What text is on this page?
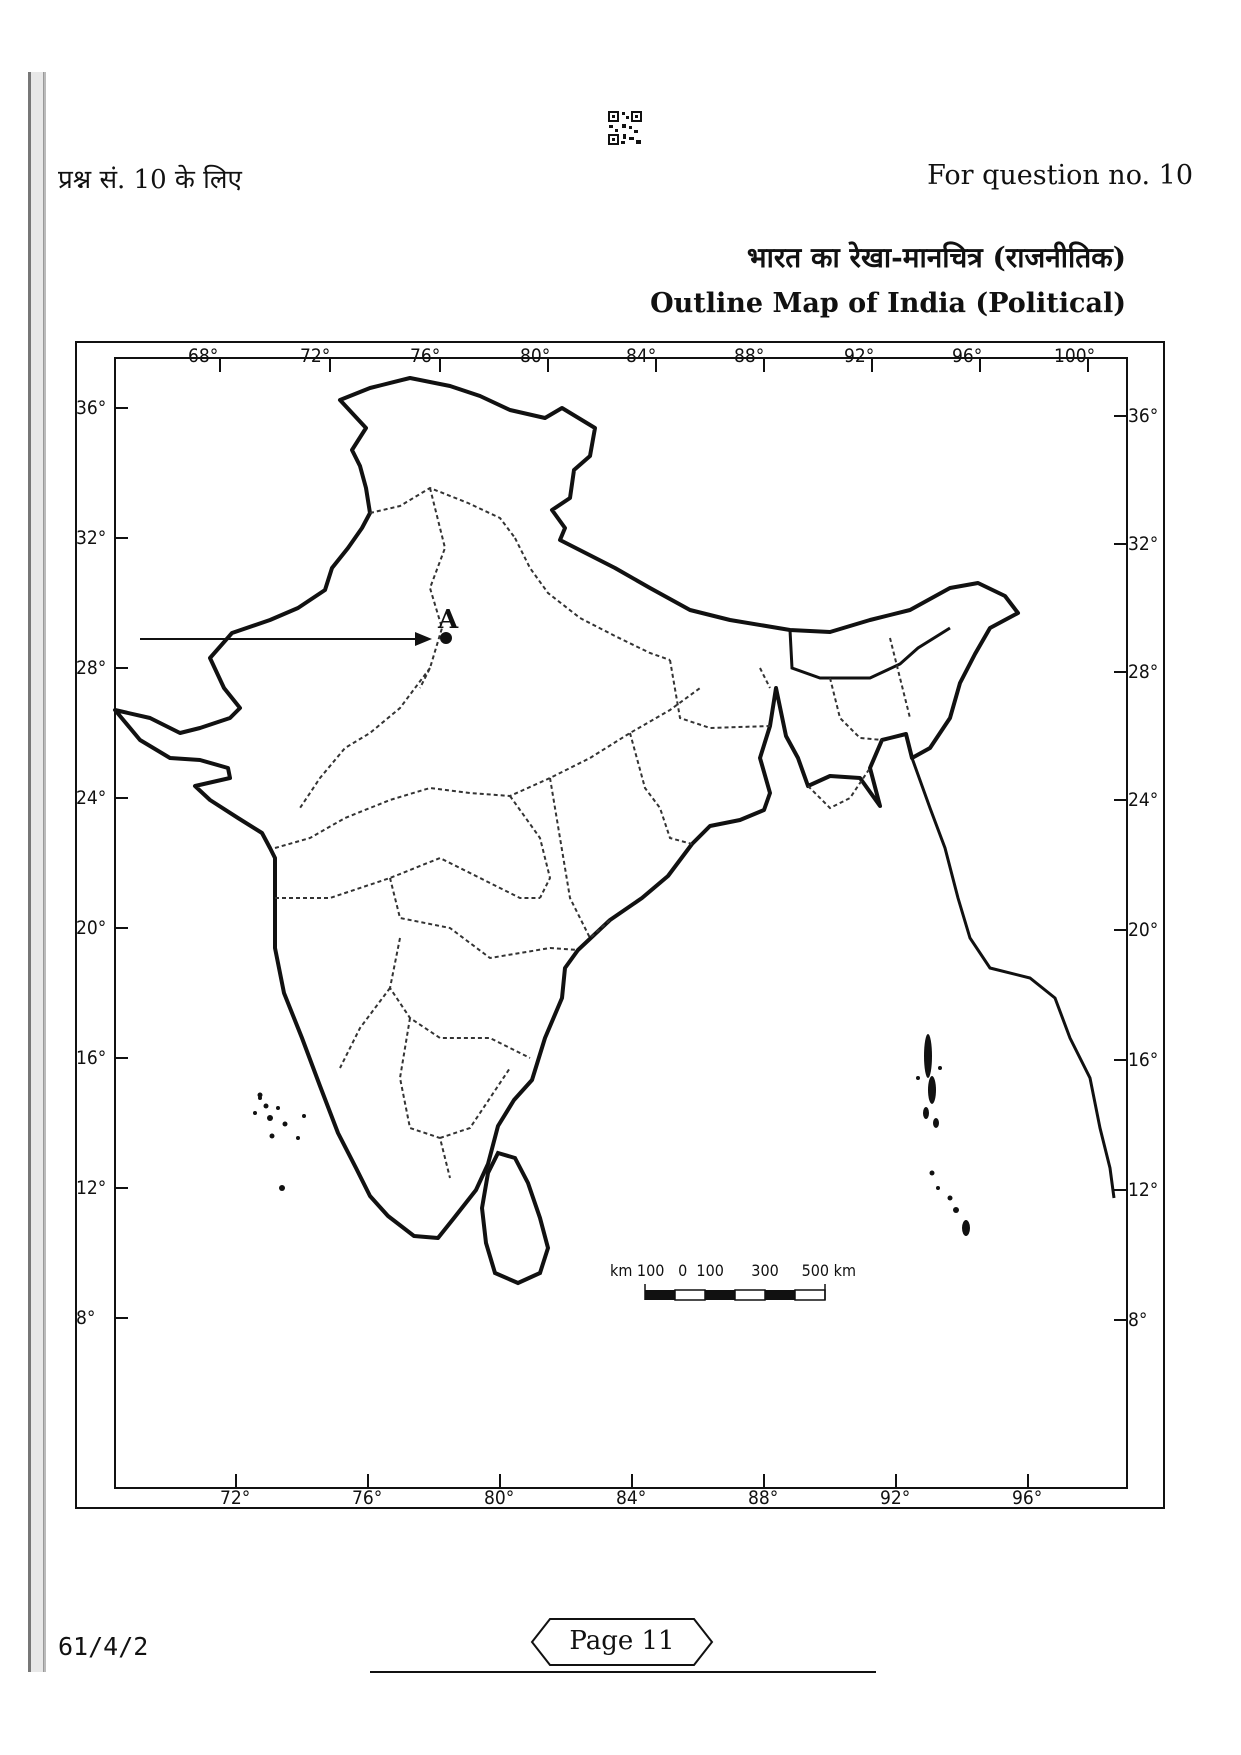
प्रश्न सं. 10 के लिए	For question no. 10
भारत का रेखा-मानचित्र (राजनीतिक)
Outline Map of India (Political)
68°	72°	76°	80°	84°	88°	92°	96°	100°
72°	76°	80°	84°	88°	92°	96°
36°
32°
28°
24°
20°
16°
12°
8°
36°
32°
28°
24°
20°
16°
12°
8°
A
km 100   0  100      300     500 km
61/4/2	Page 11
